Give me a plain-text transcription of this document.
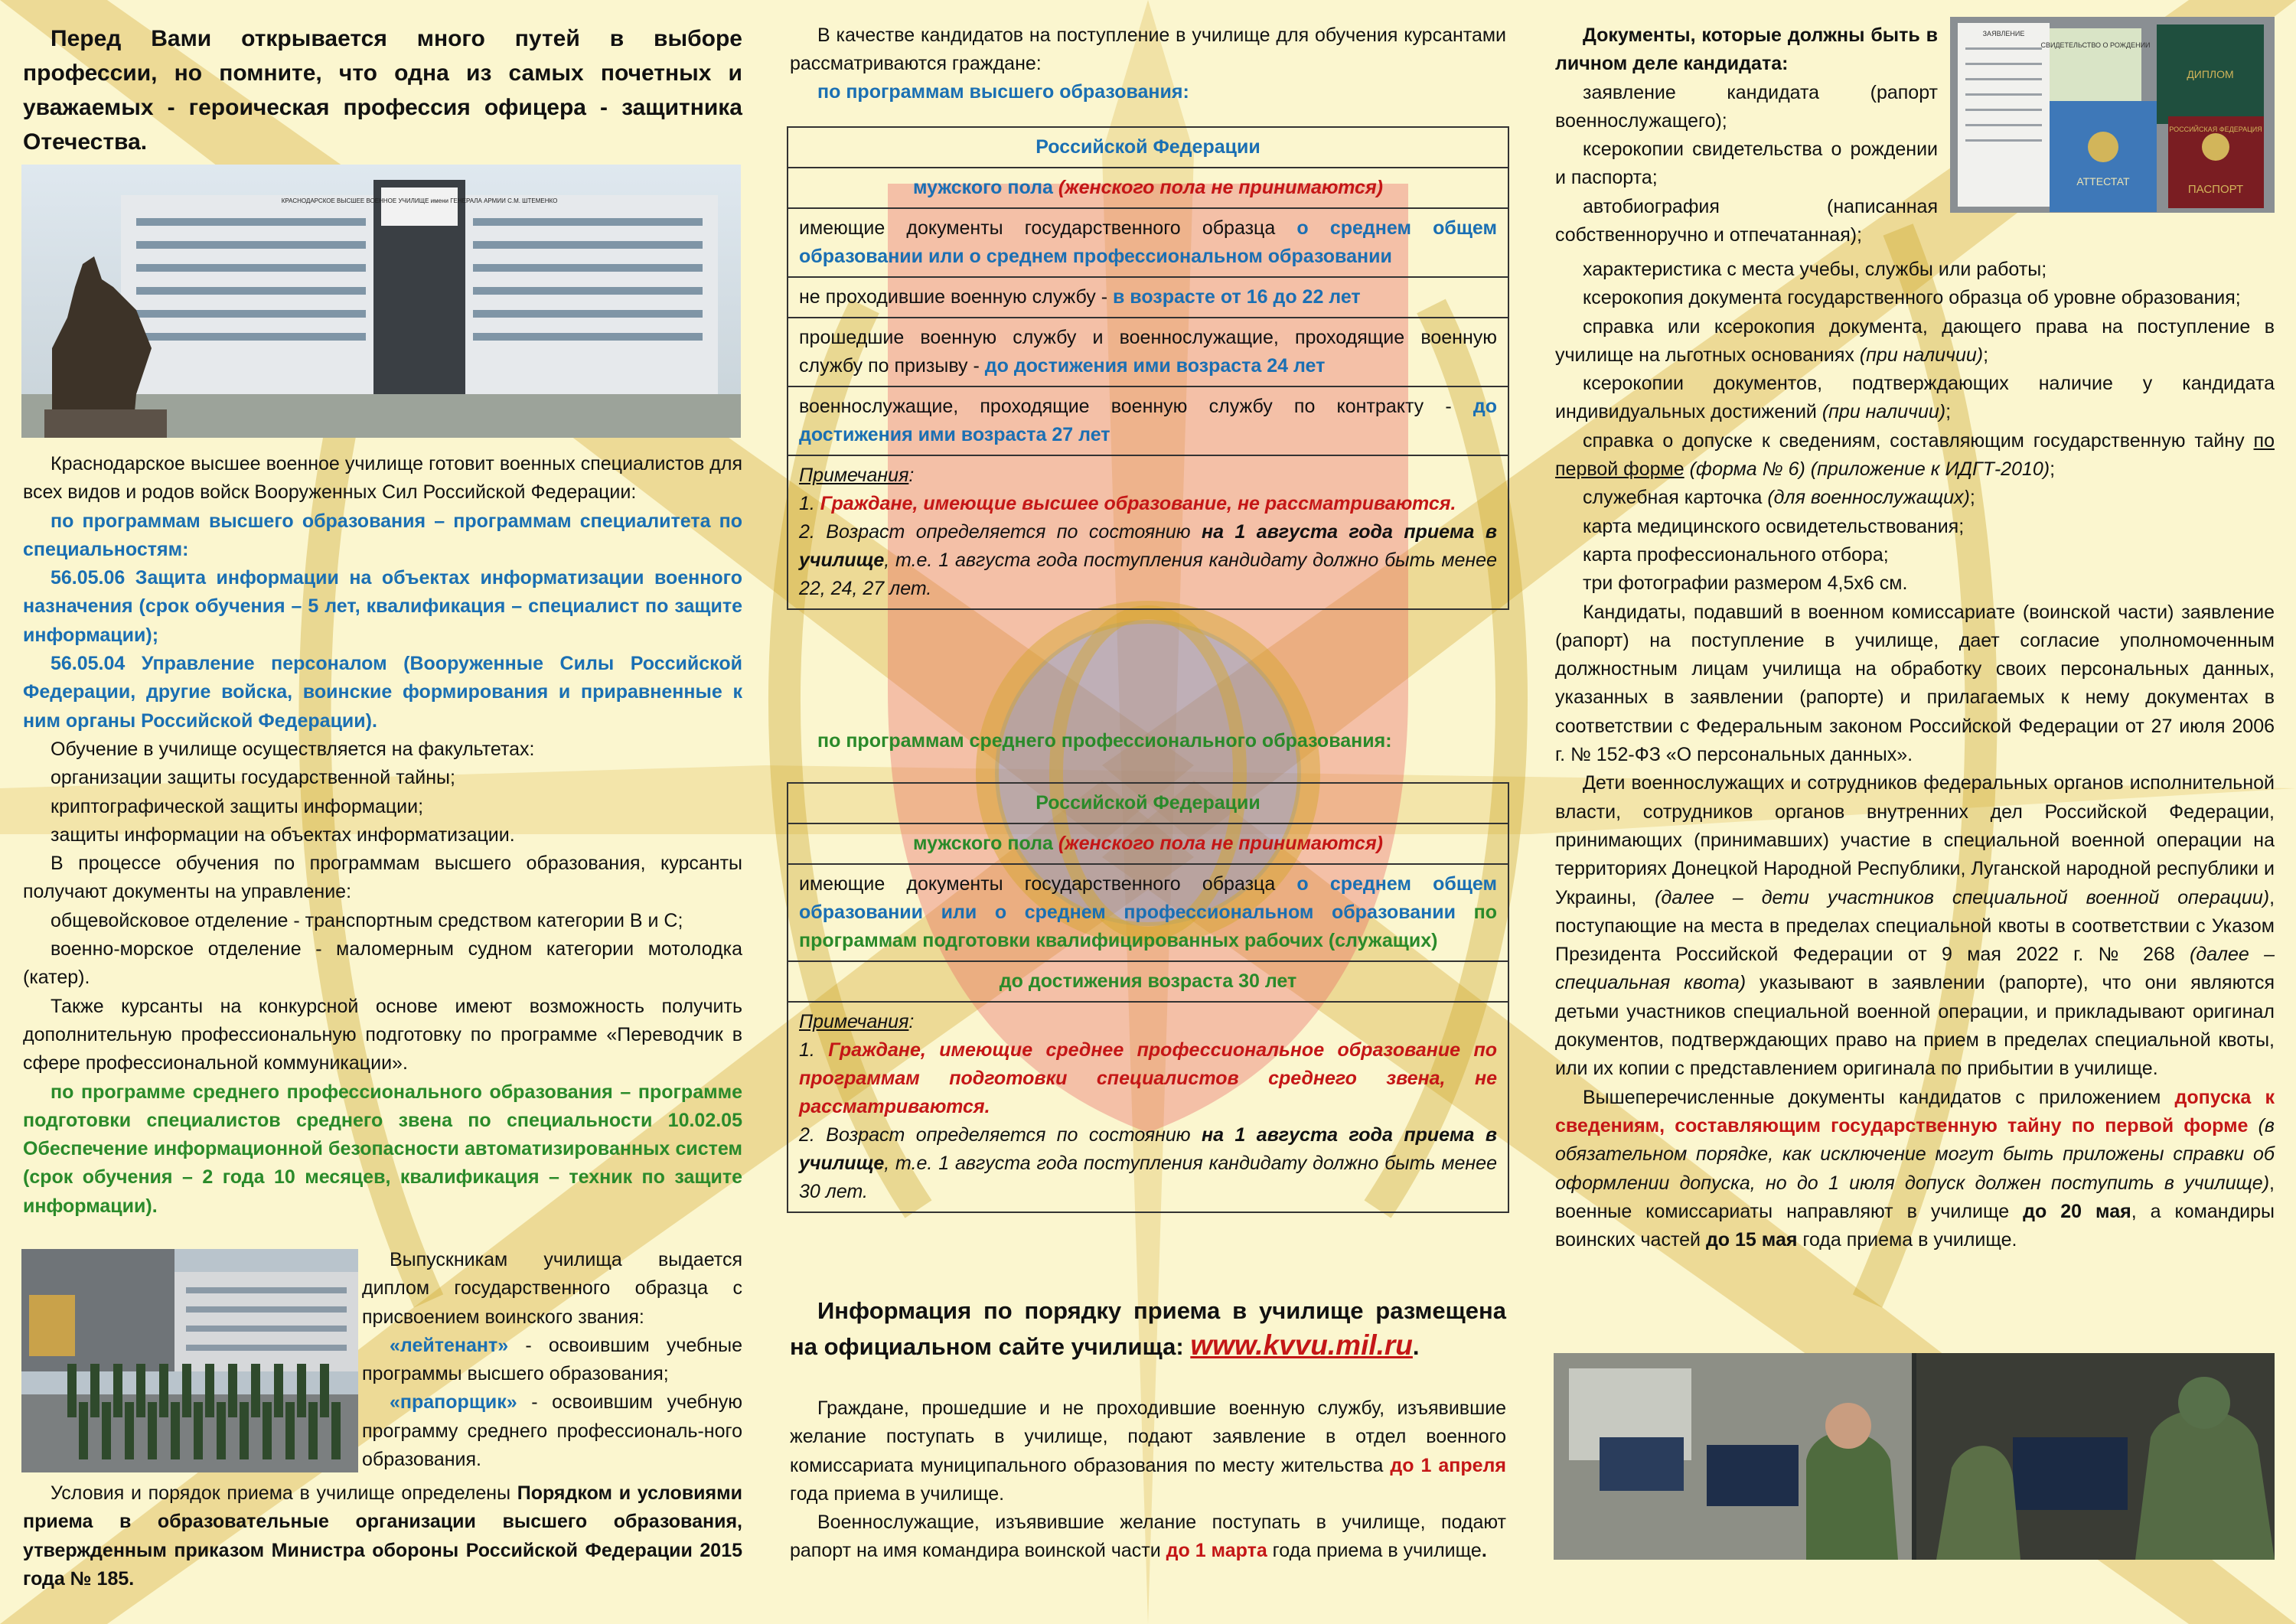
Перед Вами открывается много путей в выборе профессии, но помните, что одна из самых почетных и уважаемых - героическая профессия офицера - защитника Отечества.

КРАСНОДАРСКОЕ ВЫСШЕЕ ВОЕННОЕ УЧИЛИЩЕ имени ГЕНЕРАЛА АРМИИ С.М. ШТЕМЕНКО

Краснодарское высшее военное училище готовит военных специалистов для всех видов и родов войск Вооруженных Сил Российской Федерации:

по программам высшего образования – программам специалитета по специальностям:

56.05.06 Защита информации на объектах информатизации военного назначения (срок обучения – 5 лет, квалификация – специалист по защите информации);

56.05.04 Управление персоналом (Вооруженные Силы Российской Федерации, другие войска, воинские формирования и приравненные к ним органы Российской Федерации).

Обучение в училище осуществляется на факультетах:

организации защиты государственной тайны;

криптографической защиты информации;

защиты информации на объектах информатизации.

В процессе обучения по программам высшего образования, курсанты получают документы на управление:

общевойсковое отделение - транспортным средством категории В и С;

военно-морское отделение - маломерным судном категории мотолодка (катер).

Также курсанты на конкурсной основе имеют возможность получить дополнительную профессиональную подготовку по программе «Переводчик в сфере профессиональной коммуникации».

по программе среднего профессионального образования – программе подготовки специалистов среднего звена по специальности 10.02.05 Обеспечение информационной безопасности автоматизированных систем (срок обучения – 2 года 10 месяцев, квалификация – техник по защите информации).

Выпускникам училища выдается диплом государственного образца с присвоением воинского звания:

«лейтенант» - освоившим учебные программы высшего образования;

«прапорщик» - освоившим учебную программу среднего профессиональ-ного образования.

Условия и порядок приема в училище определены Порядком и условиями приема в образовательные организации высшего образования, утвержденным приказом Министра обороны Российской Федерации 2015 года № 185.

В качестве кандидатов на поступление в училище для обучения курсантами рассматриваются граждане:

по программам высшего образования:

Российской Федерации
мужского пола (женского пола не принимаются)
имеющие документы государственного образца о среднем общем образовании или о среднем профессиональном образовании
не проходившие военную службу - в возрасте от 16 до 22 лет
прошедшие военную службу и военнослужащие, проходящие военную службу по призыву - до достижения ими возраста 24 лет
военнослужащие, проходящие военную службу по контракту - до достижения ими возраста 27 лет

Примечания:

1. Граждане, имеющие высшее образование, не рассматриваются.

2. Возраст определяется по состоянию на 1 августа года приема в училище, т.е. 1 августа года поступления кандидату должно быть менее 22, 24, 27 лет.

по программам среднего профессионального образования:

Российской Федерации
мужского пола (женского пола не принимаются)
имеющие документы государственного образца о среднем общем образовании или о среднем профессиональном образовании по программам подготовки квалифицированных рабочих (служащих)
до достижения возраста 30 лет

Примечания:

1. Граждане, имеющие среднее профессиональное образование по программам подготовки специалистов среднего звена, не рассматриваются.

2. Возраст определяется по состоянию на 1 августа года приема в училище, т.е. 1 августа года поступления кандидату должно быть менее 30 лет.

Информация по порядку приема в училище размещена на официальном сайте училища: www.kvvu.mil.ru.

Граждане, прошедшие и не проходившие военную службу, изъявившие желание поступать в училище, подают заявление в отдел военного комиссариата муниципального образования по месту жительства до 1 апреля года приема в училище.

Военнослужащие, изъявившие желание поступать в училище, подают рапорт на имя командира воинской части до 1 марта года приема в училище.

Документы, которые должны быть в личном деле кандидата:

заявление кандидата (рапорт военнослужащего);

ксерокопии свидетельства о рождении и паспорта;

автобиография (написанная собственноручно и отпечатанная);

СВИДЕТЕЛЬСТВО О РОЖДЕНИИ
ДИПЛОМ
АТТЕСТАТ
РОССИЙСКАЯ ФЕДЕРАЦИЯ
ПАСПОРТ
ЗАЯВЛЕНИЕ

характеристика с места учебы, службы или работы;

ксерокопия документа государственного образца об уровне образования;

справка или ксерокопия документа, дающего права на поступление в училище на льготных основаниях (при наличии);

ксерокопии документов, подтверждающих наличие у кандидата индивидуальных достижений (при наличии);

справка о допуске к сведениям, составляющим государственную тайну по первой форме (форма № 6) (приложение к ИДГТ-2010);

служебная карточка (для военнослужащих);

карта медицинского освидетельствования;

карта профессионального отбора;

три фотографии размером 4,5х6 см.

Кандидаты, подавший в военном комиссариате (воинской части) заявление (рапорт) на поступление в училище, дает согласие уполномоченным должностным лицам училища на обработку своих персональных данных, указанных в заявлении (рапорте) и прилагаемых к нему документах в соответствии с Федеральным законом Российской Федерации от 27 июля 2006 г. № 152-ФЗ «О персональных данных».

Дети военнослужащих и сотрудников федеральных органов исполнительной власти, сотрудников органов внутренних дел Российской Федерации, принимающих (принимавших) участие в специальной военной операции на территориях Донецкой Народной Республики, Луганской народной республики и Украины, (далее – дети участников специальной военной операции), поступающие на места в пределах специальной квоты в соответствии с Указом Президента Российской Федерации от 9 мая 2022 г. № 268 (далее – специальная квота) указывают в заявлении (рапорте), что они являются детьми участников специальной военной операции, и прикладывают оригинал документов, подтверждающих право на прием в пределах специальной квоты, или их копии с представлением оригинала по прибытии в училище.

Вышеперечисленные документы кандидатов с приложением допуска к сведениям, составляющим государственную тайну по первой форме (в обязательном порядке, как исключение могут быть приложены справки об оформлении допуска, но до 1 июля допуск должен поступить в училище), военные комиссариаты направляют в училище до 20 мая, а командиры воинских частей до 15 мая года приема в училище.
